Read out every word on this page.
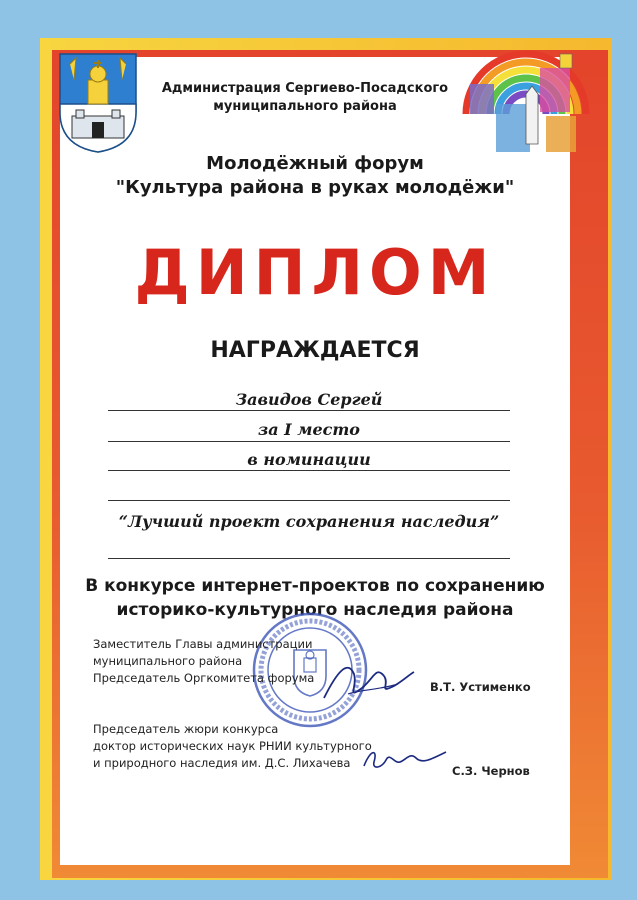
Администрация Сергиево-Посадского муниципального района
Молодёжный форум
"Культура района в руках молодёжи"
ДИПЛОМ
НАГРАЖДАЕТСЯ
Завидов Сергей
за I место
в номинации
“Лучший проект сохранения наследия”
В конкурсе интернет-проектов по сохранению
историко-культурного наследия района
Заместитель Главы администрации
муниципального района
Председатель Оргкомитета форума
В.Т. Устименко
Председатель жюри конкурса
доктор исторических наук РНИИ культурного
и природного наследия им. Д.С. Лихачева
С.З. Чернов
